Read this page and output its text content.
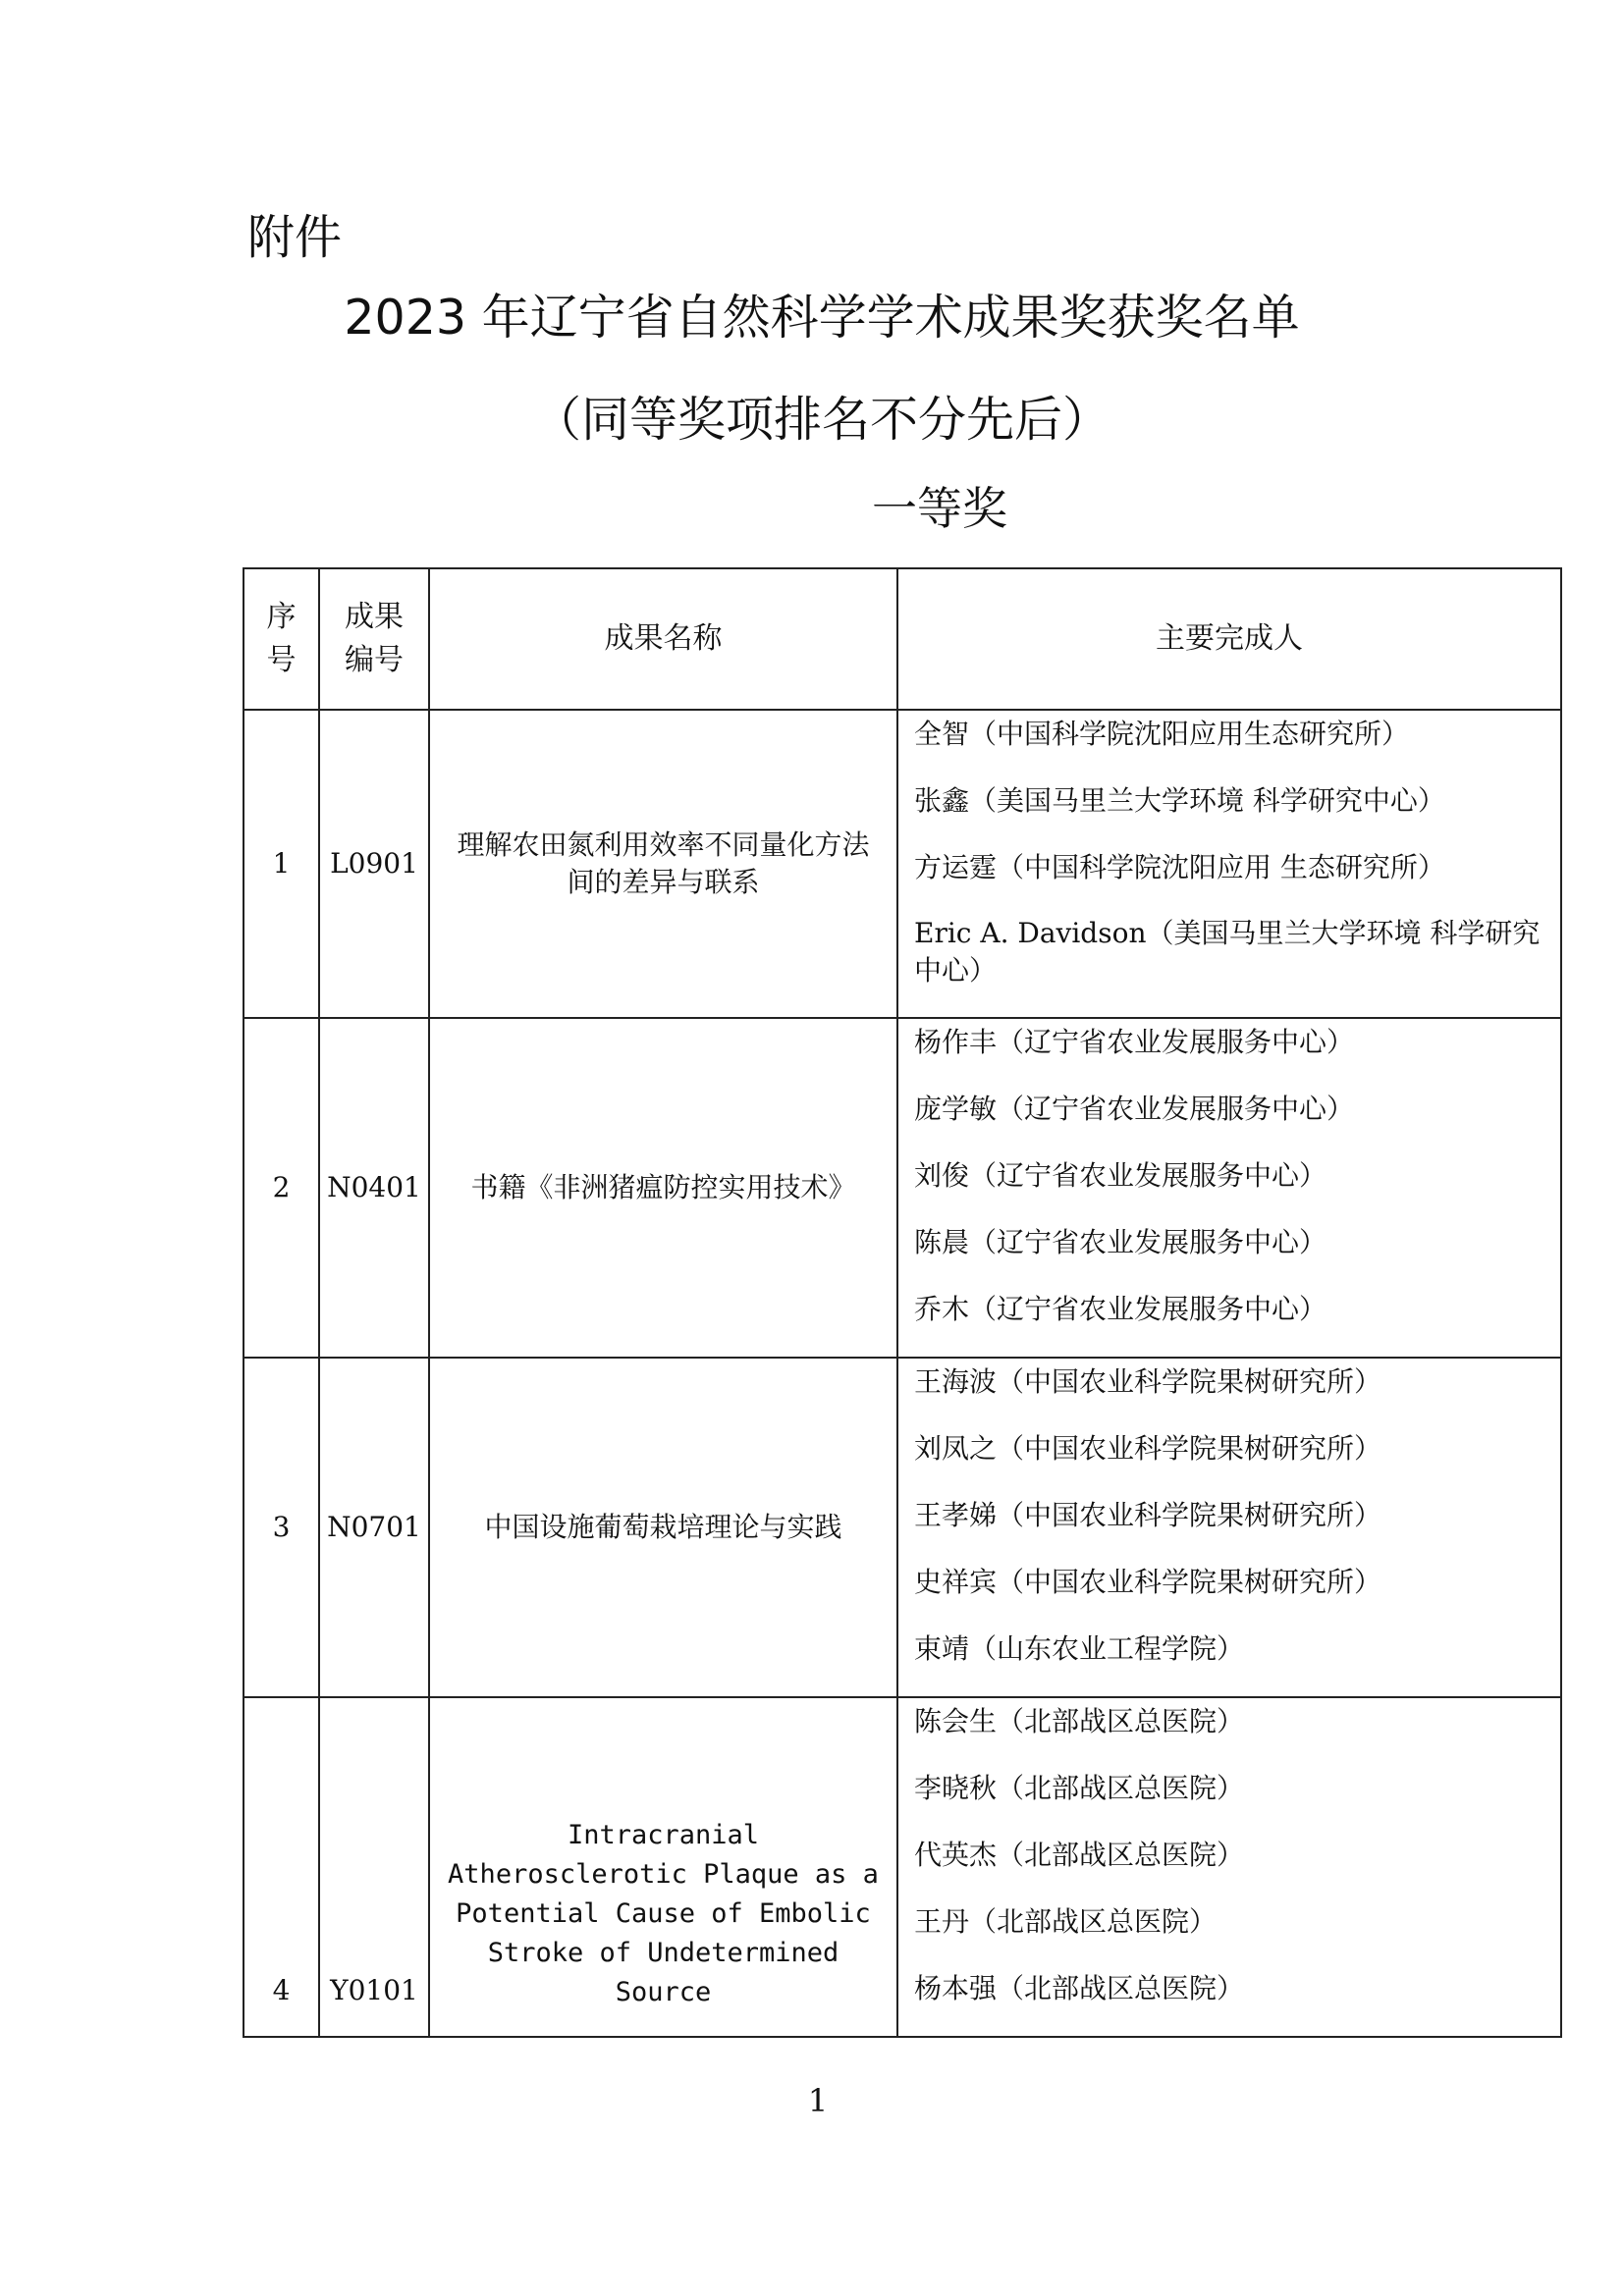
附件
2023 年辽宁省自然科学学术成果奖获奖名单
（同等奖项排名不分先后）
一等奖
序号	成果编号	成果名称	主要完成人
1	L0901	理解农田氮利用效率不同量化方法间的差异与联系	全智（中国科学院沈阳应用生态研究所）
张鑫（美国马里兰大学环境 科学研究中心）
方运霆（中国科学院沈阳应用 生态研究所）
Eric A. Davidson（美国马里兰大学环境 科学研究中心）

2	N0401	书籍《非洲猪瘟防控实用技术》	杨作丰（辽宁省农业发展服务中心）
庞学敏（辽宁省农业发展服务中心）
刘俊（辽宁省农业发展服务中心）
陈晨（辽宁省农业发展服务中心）
乔木（辽宁省农业发展服务中心）

3	N0701	中国设施葡萄栽培理论与实践	王海波（中国农业科学院果树研究所）
刘凤之（中国农业科学院果树研究所）
王孝娣（中国农业科学院果树研究所）
史祥宾（中国农业科学院果树研究所）
束靖（山东农业工程学院）

4	Y0101	Intracranial Atherosclerotic Plaque as a Potential Cause of Embolic Stroke of Undetermined Source	陈会生（北部战区总医院）
李晓秋（北部战区总医院）
代英杰（北部战区总医院）
王丹（北部战区总医院）
杨本强（北部战区总医院）
1
